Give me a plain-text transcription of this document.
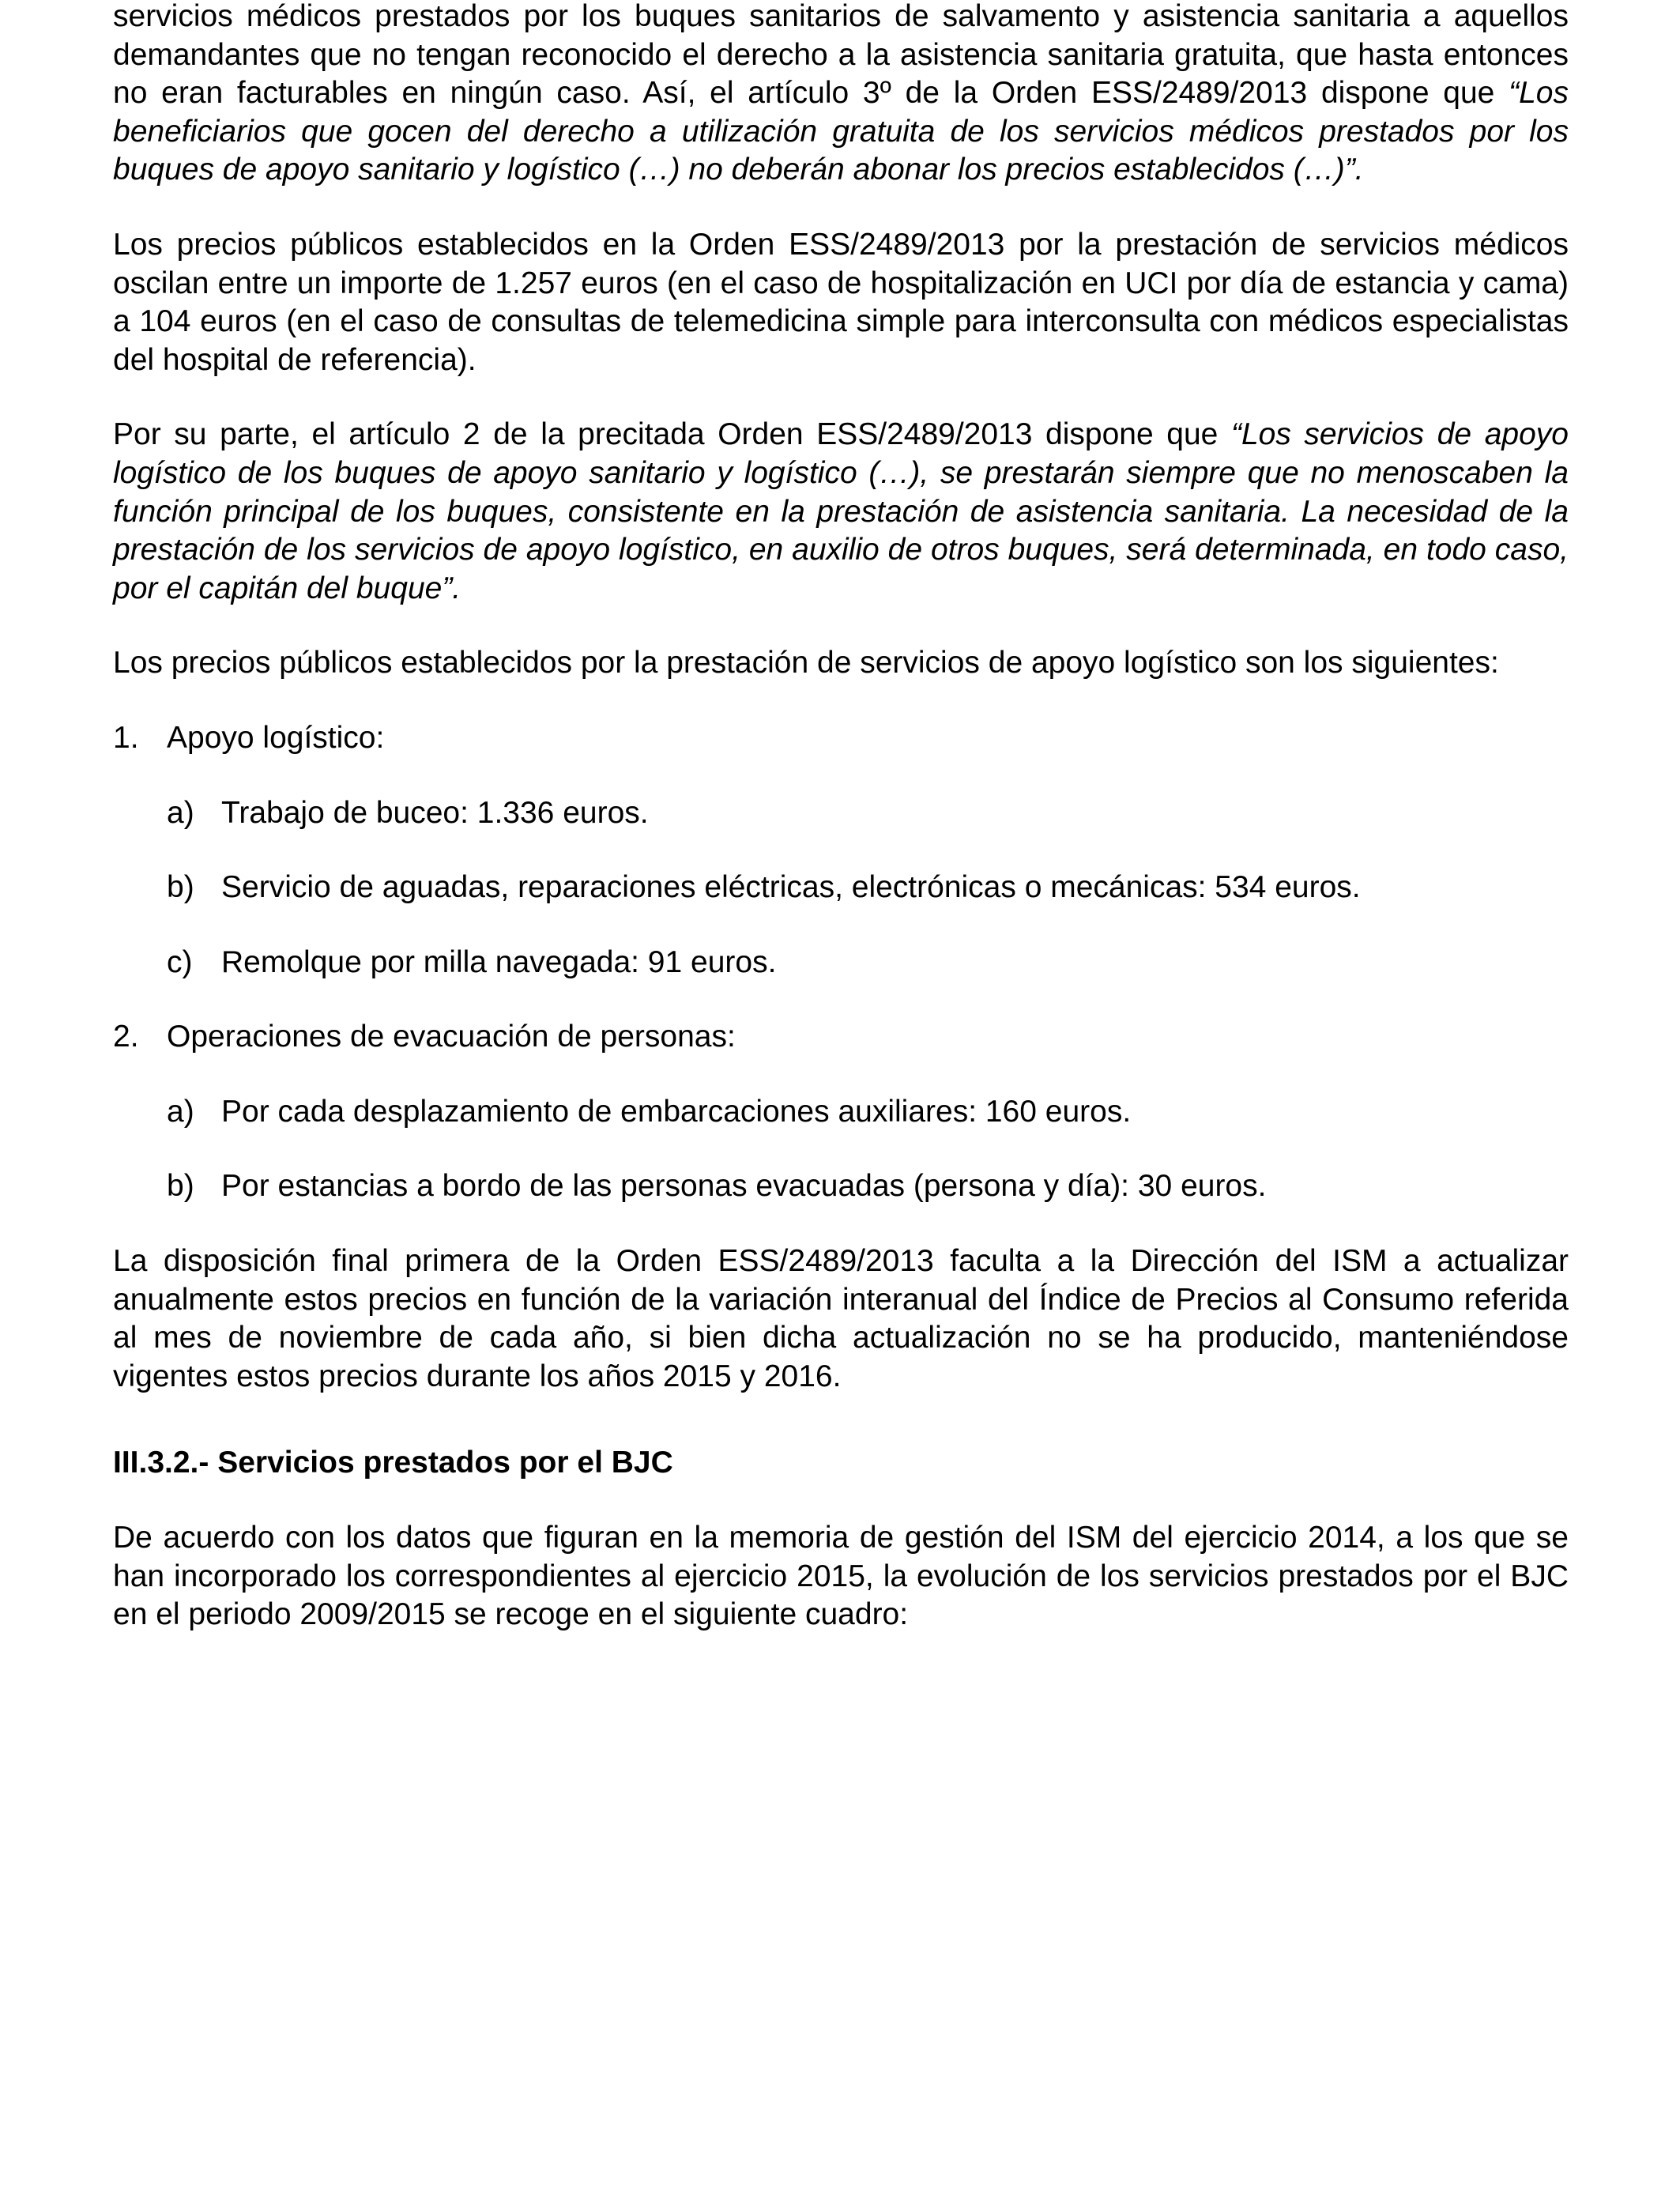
servicios médicos prestados por los buques sanitarios de salvamento y asistencia sanitaria a aquellos demandantes que no tengan reconocido el derecho a la asistencia sanitaria gratuita, que hasta entonces no eran facturables en ningún caso. Así, el artículo 3º de la Orden ESS/2489/2013 dispone que “Los beneficiarios que gocen del derecho a utilización gratuita de los servicios médicos prestados por los buques de apoyo sanitario y logístico (…) no deberán abonar los precios establecidos (…)”.

Los precios públicos establecidos en la Orden ESS/2489/2013 por la prestación de servicios médicos oscilan entre un importe de 1.257 euros (en el caso de hospitalización en UCI por día de estancia y cama) a 104 euros (en el caso de consultas de telemedicina simple para interconsulta con médicos especialistas del hospital de referencia).

Por su parte, el artículo 2 de la precitada Orden ESS/2489/2013 dispone que “Los servicios de apoyo logístico de los buques de apoyo sanitario y logístico (…), se prestarán siempre que no menoscaben la función principal de los buques, consistente en la prestación de asistencia sanitaria. La necesidad de la prestación de los servicios de apoyo logístico, en auxilio de otros buques, será determinada, en todo caso, por el capitán del buque”.

Los precios públicos establecidos por la prestación de servicios de apoyo logístico son los siguientes:

1. Apoyo logístico:
a) Trabajo de buceo: 1.336 euros.
b) Servicio de aguadas, reparaciones eléctricas, electrónicas o mecánicas: 534 euros.
c) Remolque por milla navegada: 91 euros.
2. Operaciones de evacuación de personas:
a) Por cada desplazamiento de embarcaciones auxiliares: 160 euros.
b) Por estancias a bordo de las personas evacuadas (persona y día): 30 euros.

La disposición final primera de la Orden ESS/2489/2013 faculta a la Dirección del ISM a actualizar anualmente estos precios en función de la variación interanual del Índice de Precios al Consumo referida al mes de noviembre de cada año, si bien dicha actualización no se ha producido, manteniéndose vigentes estos precios durante los años 2015 y 2016.

III.3.2.- Servicios prestados por el BJC

De acuerdo con los datos que figuran en la memoria de gestión del ISM del ejercicio 2014, a los que se han incorporado los correspondientes al ejercicio 2015, la evolución de los servicios prestados por el BJC en el periodo 2009/2015 se recoge en el siguiente cuadro:
